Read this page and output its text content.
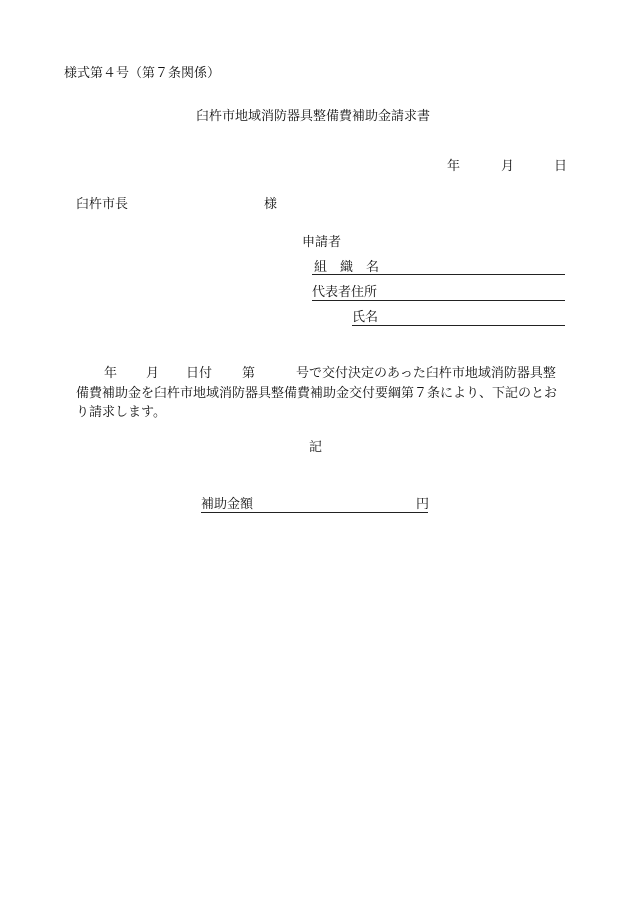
様式第４号（第７条関係）
臼杵市地域消防器具整備費補助金請求書
年	月	日
臼杵市長	様
申請者
組　織　名
代表者住所
氏名
年 月 日付 第	号で交付決定のあった臼杵市地域消防器具整
備費補助金を臼杵市地域消防器具整備費補助金交付要綱第７条により、下記のとお
り請求します。
記
補助金額	円
